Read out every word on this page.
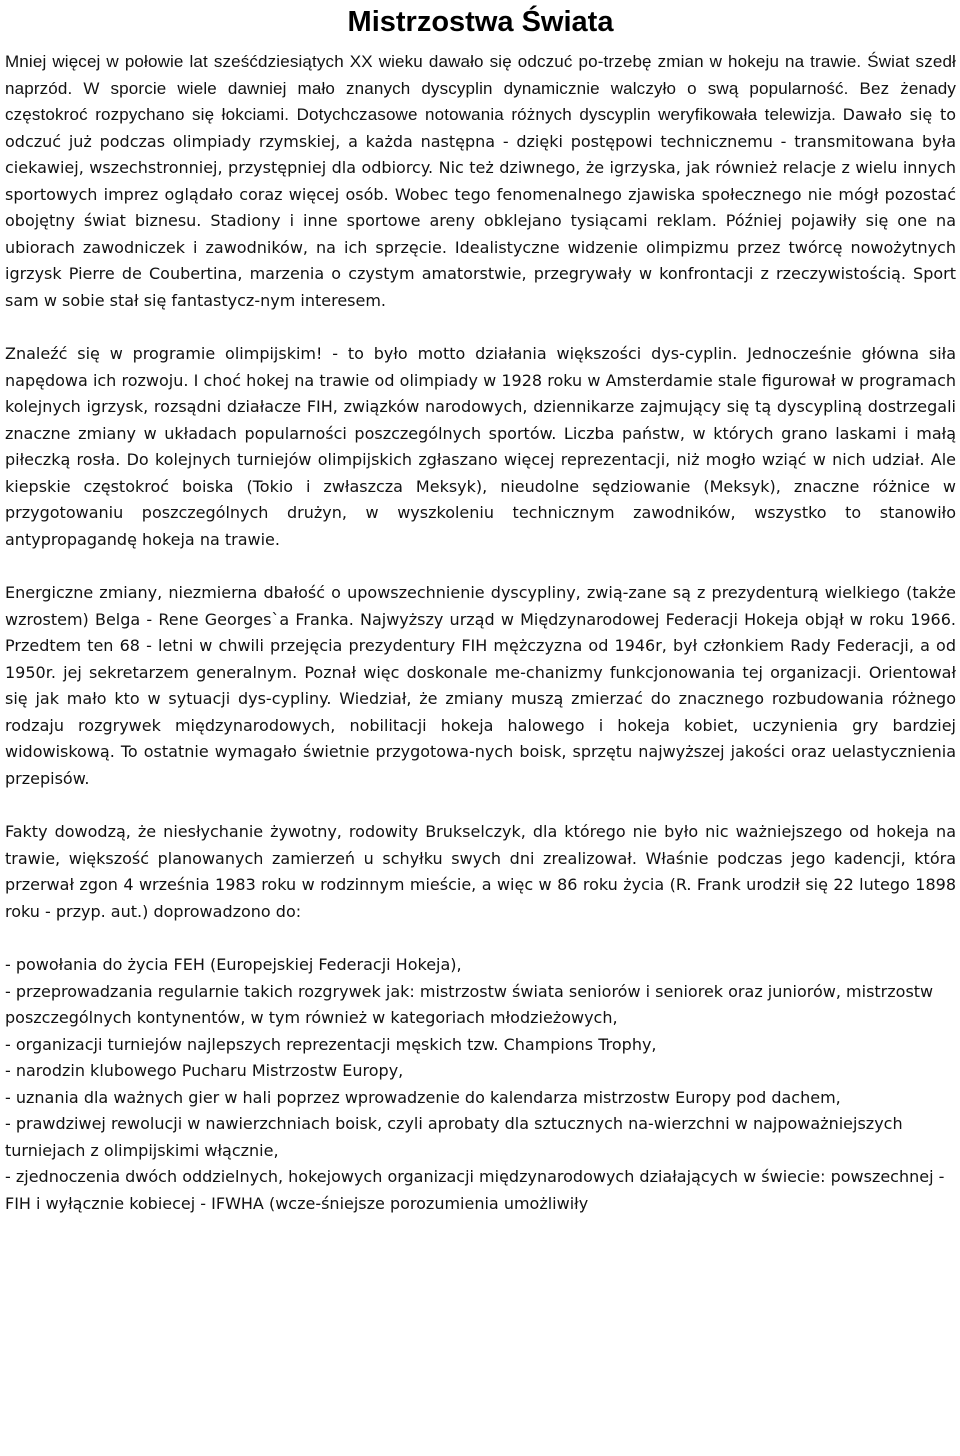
Mistrzostwa Świata

Mniej więcej w połowie lat sześćdziesiątych XX wieku dawało się odczuć po-trzebę zmian w hokeju na trawie. Świat szedł naprzód. W sporcie wiele dawniej mało znanych dyscyplin dynamicznie walczyło o swą popularność. Bez żenady częstokroć rozpychano się łokciami. Dotychczasowe notowania różnych dyscyplin weryfikowała telewizja. Dawało się to odczuć już podczas olimpiady rzymskiej, a każda następna - dzięki postępowi technicznemu - transmitowana była ciekawiej, wszechstronniej, przystępniej dla odbiorcy. Nic też dziwnego, że igrzyska, jak również relacje z wielu innych sportowych imprez oglądało coraz więcej osób. Wobec tego fenomenalnego zjawiska społecznego nie mógł pozostać obojętny świat biznesu. Stadiony i inne sportowe areny obklejano tysiącami reklam. Później pojawiły się one na ubiorach zawodniczek i zawodników, na ich sprzęcie. Idealistyczne widzenie olimpizmu przez twórcę nowożytnych igrzysk Pierre de Coubertina, marzenia o czystym amatorstwie, przegrywały w konfrontacji z rzeczywistością. Sport sam w sobie stał się fantastycz-nym interesem.

Znaleźć się w programie olimpijskim! - to było motto działania większości dys-cyplin. Jednocześnie główna siła napędowa ich rozwoju. I choć hokej na trawie od olimpiady w 1928 roku w Amsterdamie stale figurował w programach kolejnych igrzysk, rozsądni działacze FIH, związków narodowych, dziennikarze zajmujący się tą dyscypliną dostrzegali znaczne zmiany w układach popularności poszczególnych sportów. Liczba państw, w których grano laskami i małą piłeczką rosła. Do kolejnych turniejów olimpijskich zgłaszano więcej reprezentacji, niż mogło wziąć w nich udział. Ale kiepskie częstokroć boiska (Tokio i zwłaszcza Meksyk), nieudolne sędziowanie (Meksyk), znaczne różnice w przygotowaniu poszczególnych drużyn, w wyszkoleniu technicznym zawodników, wszystko to stanowiło antypropagandę hokeja na trawie.

Energiczne zmiany, niezmierna dbałość o upowszechnienie dyscypliny, zwią-zane są z prezydenturą wielkiego (także wzrostem) Belga - Rene Georges`a Franka. Najwyższy urząd w Międzynarodowej Federacji Hokeja objął w roku 1966. Przedtem ten 68 - letni w chwili przejęcia prezydentury FIH mężczyzna od 1946r, był członkiem Rady Federacji, a od 1950r. jej sekretarzem generalnym. Poznał więc doskonale me-chanizmy funkcjonowania tej organizacji. Orientował się jak mało kto w sytuacji dys-cypliny. Wiedział, że zmiany muszą zmierzać do znacznego rozbudowania różnego rodzaju rozgrywek międzynarodowych, nobilitacji hokeja halowego i hokeja kobiet, uczynienia gry bardziej widowiskową. To ostatnie wymagało świetnie przygotowa-nych boisk, sprzętu najwyższej jakości oraz uelastycznienia przepisów.

Fakty dowodzą, że niesłychanie żywotny, rodowity Brukselczyk, dla którego nie było nic ważniejszego od hokeja na trawie, większość planowanych zamierzeń u schyłku swych dni zrealizował. Właśnie podczas jego kadencji, która przerwał zgon 4 września 1983 roku w rodzinnym mieście, a więc w 86 roku życia (R. Frank urodził się 22 lutego 1898 roku - przyp. aut.) doprowadzono do:

- powołania do życia FEH (Europejskiej Federacji Hokeja),

- przeprowadzania regularnie takich rozgrywek jak: mistrzostw świata seniorów i seniorek oraz juniorów, mistrzostw poszczególnych kontynentów, w tym również w kategoriach młodzieżowych,

- organizacji turniejów najlepszych reprezentacji męskich tzw. Champions Trophy,

- narodzin klubowego Pucharu Mistrzostw Europy,

- uznania dla ważnych gier w hali poprzez wprowadzenie do kalendarza mistrzostw Europy pod dachem,

- prawdziwej rewolucji w nawierzchniach boisk, czyli aprobaty dla sztucznych na-wierzchni w najpoważniejszych turniejach z olimpijskimi włącznie,

- zjednoczenia dwóch oddzielnych, hokejowych organizacji międzynarodowych działających w świecie: powszechnej - FIH i wyłącznie kobiecej - IFWHA (wcze-śniejsze porozumienia umożliwiły
